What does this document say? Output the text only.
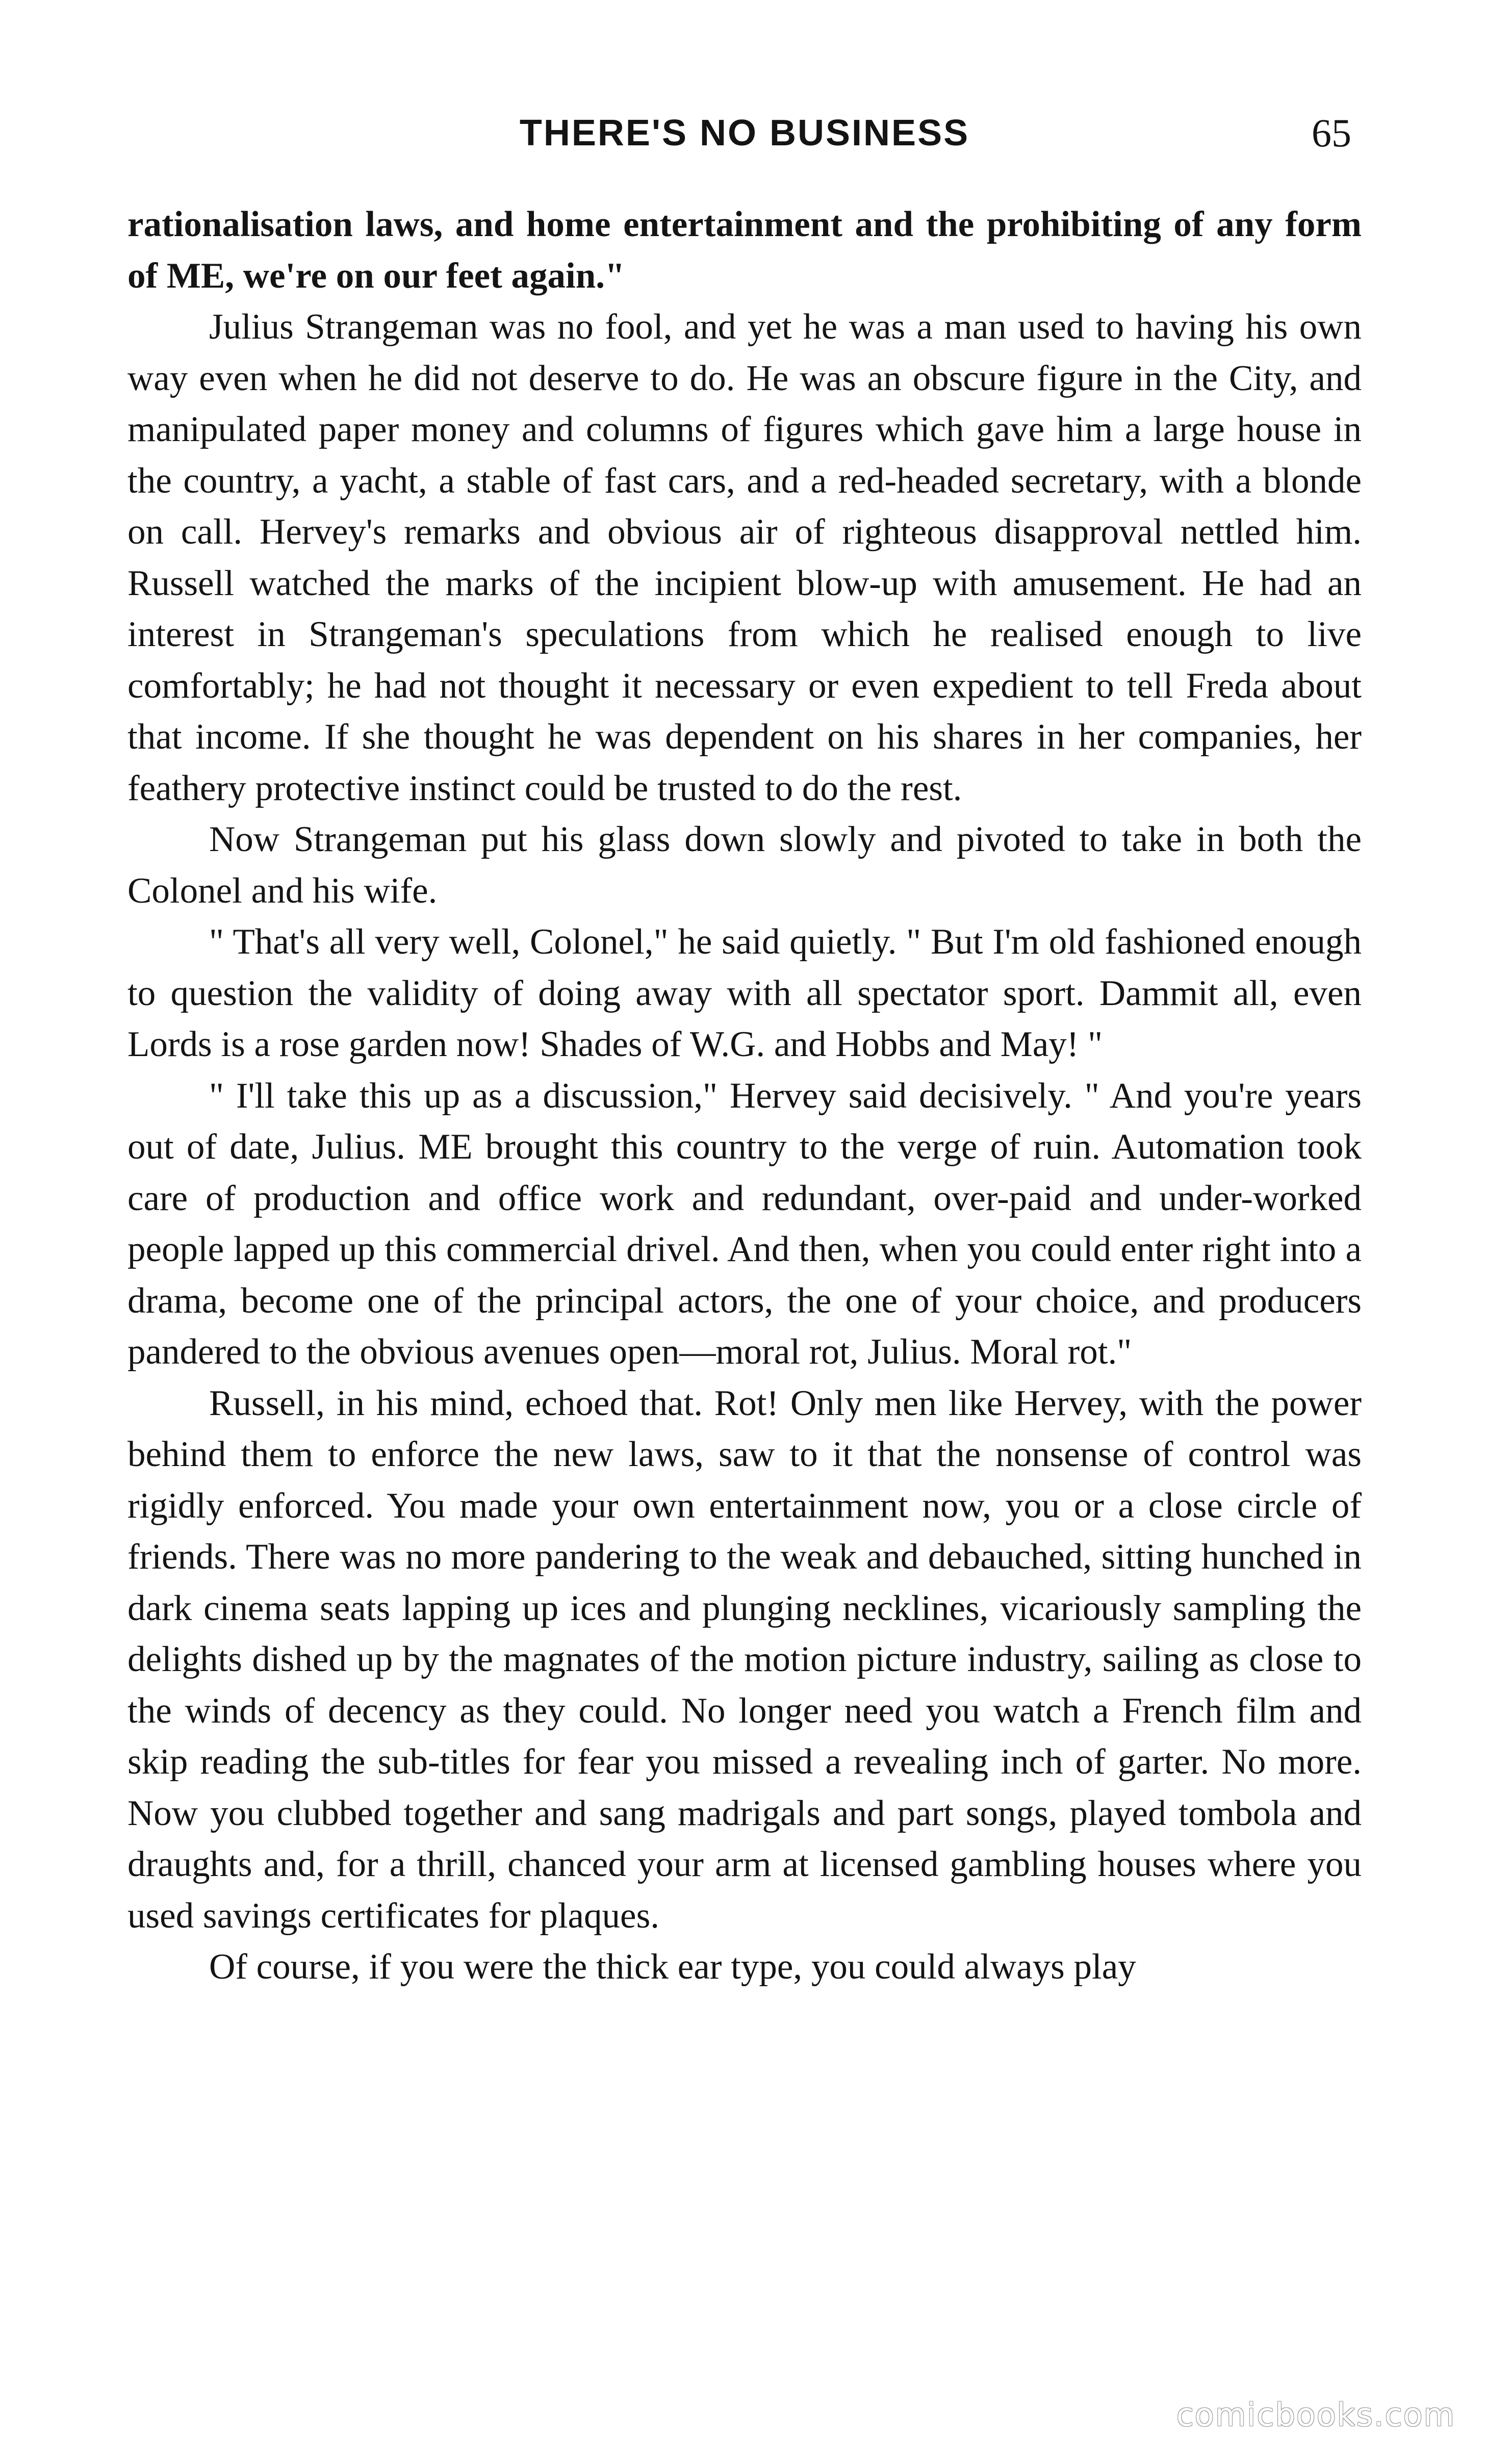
THERE'S NO BUSINESS	65

rationalisation laws, and home entertainment and the prohibiting of any form of ME, we're on our feet again."

Julius Strangeman was no fool, and yet he was a man used to having his own way even when he did not deserve to do. He was an obscure figure in the City, and manipulated paper money and columns of figures which gave him a large house in the country, a yacht, a stable of fast cars, and a red-headed secretary, with a blonde on call. Hervey's remarks and obvious air of righteous disapproval nettled him. Russell watched the marks of the incipient blow-up with amusement. He had an interest in Strangeman's speculations from which he realised enough to live comfortably; he had not thought it necessary or even expedient to tell Freda about that income. If she thought he was dependent on his shares in her companies, her feathery protective instinct could be trusted to do the rest.

Now Strangeman put his glass down slowly and pivoted to take in both the Colonel and his wife.

" That's all very well, Colonel," he said quietly. " But I'm old fashioned enough to question the validity of doing away with all spectator sport. Dammit all, even Lords is a rose garden now! Shades of W.G. and Hobbs and May! "

" I'll take this up as a discussion," Hervey said decisively. " And you're years out of date, Julius. ME brought this country to the verge of ruin. Automation took care of production and office work and redundant, over-paid and under-worked people lapped up this commercial drivel. And then, when you could enter right into a drama, become one of the principal actors, the one of your choice, and producers pandered to the obvious avenues open—moral rot, Julius. Moral rot."

Russell, in his mind, echoed that. Rot! Only men like Hervey, with the power behind them to enforce the new laws, saw to it that the nonsense of control was rigidly enforced. You made your own entertainment now, you or a close circle of friends. There was no more pandering to the weak and debauched, sitting hunched in dark cinema seats lapping up ices and plunging necklines, vicariously sampling the delights dished up by the magnates of the motion picture industry, sailing as close to the winds of decency as they could. No longer need you watch a French film and skip reading the sub-titles for fear you missed a revealing inch of garter. No more. Now you clubbed together and sang madrigals and part songs, played tombola and draughts and, for a thrill, chanced your arm at licensed gambling houses where you used savings certificates for plaques.

Of course, if you were the thick ear type, you could always play

comicbooks.com
